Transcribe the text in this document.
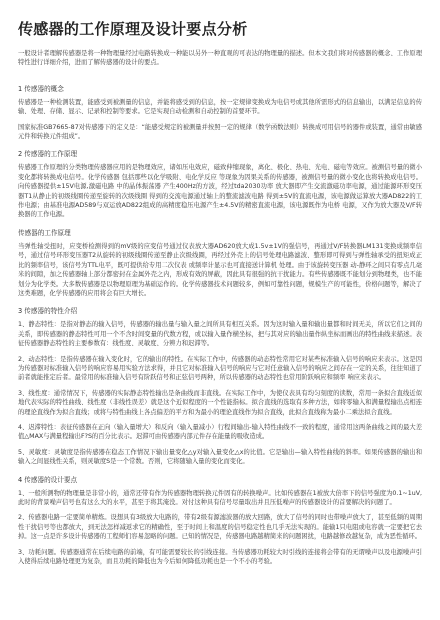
传感器的工作原理及设计要点分析

一般设计者理解传感器是将一种物理量经过电路转换成一种能以另外一种直观的可表达的物理量的描述。但本文我们将对传感器的概念、工作原理特性进行详细介绍，进而了解传感器的设计的要点。

1 传感器的概念

传感器是一种检测装置，能感受到被测量的信息，并能将感受到的信息，按一定规律变换成为电信号或其他所需形式的信息输出，以满足信息的传输、处理、存储、显示、记录和控制等要求。它是实现自动检测和自动控制的首要环节。

国家标准GB7665-87对传感器下的定义是：“能感受规定的被测量并按照一定的规律（数学函数法则）转换成可用信号的器件或装置，通常由敏感元件和转换元件组成”。

2 传感器的工作原理

传感器工作原理的分类物理传感器应用的是物理效应，诸如压电效应，磁致伸缩现象，离化、极化、热电、光电、磁电等效应。被测信号量的微小变化都将转换成电信号。化学传感器 包括那些以化学吸附、电化学反应 等现象为因果关系的传感器，被测信号量的微小变化也将转换成电信号。向传感器提供±15V电源,激磁电路 中的晶体振荡器 产生400Hz的方波，经过tda2030功率 放大器即产生交流激磁功率电源，通过能源环形变压器T1从静止的初级线圈传递至旋转的次级线圈 得到的交流电源通过轴上的整流滤波电路 得到±5V的直流电源，该电源做运算放大器AD822的工作电源；由基准电源AD589与双运放AD822组成的高精度稳压电源产生±4.5V的精密直流电源，该电源既作为电桥 电源，又作为放大器及V/F转换器的工作电源。

传感器的工作原理

当弹性轴受扭时，应变桥检测得到的mV级的应变信号通过仪表放大器AD620放大成1.5v±1V的强信号，再通过V/F转换器LM131变换成频率信号，通过信号环形变压器T2从旋转的初级线圈传递至静止次级线圈，再经过外壳上的信号处理电路滤波、整形即可得到与弹性轴承受的扭矩成正比的频率信号，该信号为TTL电平，既可提供给专用二次仪表 或频率计显示也可直接送计算机 处理。由于该旋转变压器 动-静环之间只有零点几毫米的间隙，加之传感器轴上部分都密封在金属外壳之内，形成有效的屏蔽，因此具有很强的抗干扰能力。有些传感器既不能划分到物理类，也不能划分为化学类。大多数传感器是以物理原理为基础运作的。化学传感器技术问题较多，例如可靠性问题，规模生产的可能性，价格问题等，解决了这类难题，化学传感器的应用将会有巨大增长。

3 传感器的特性介绍

1、静态特性：是指对静态的输入信号，传感器的输出量与输入量之间所具有相互关系。因为这时输入量和输出量都和时间无关，所以它们之间的关系，即传感器的静态特性可用一个不含时间变量的代数方程，或以输入量作横坐标，把与其对应的输出量作纵坐标而画出的特性曲线来描述。表征传感器静态特性的主要参数有：线性度、灵敏度、分辨力和迟滞等。

2、动态特性：是指传感器在输入变化时，它的输出的特性。在实际工作中，传感器的动态特性常用它对某些标准输入信号的响应来表示。这是因为传感器对标准输入信号的响应容易用实验方法求得，并且它对标准输入信号的响应与它对任意输入信号的响应之间存在一定的关系，往往知道了前者就能推定后者。最常用的标准输入信号有阶跃信号和正弦信号两种，所以传感器的动态特性也常用阶跃响应和频率 响应来表示。

3、线性度：通常情况下，传感器的实际静态特性输出是条曲线而非直线。在实际工作中，为使仪表具有均匀刻度的读数，常用一条拟合直线近似地代表实际的特性曲线、线性度（非线性误差）就是这个近似程度的一个性能指标。拟合直线的选取有多种方法，如将零输入和满量程输出点相连的理论直线作为拟合直线；或将与特性曲线上各点偏差的平方和为最小的理论直线作为拟合直线，此拟合直线称为最小二乘法拟合直线。

4、迟滞特性：表征传感器在正向（输入量增大）和反向（输入量减小）行程间输出-输入特性曲线不一致的程度，通常用这两条曲线之间的最大差值△MAX与满量程输出F?S的百分比表示。迟滞可由传感器内部元件存在能量的吸收造成。

5、灵敏度：灵敏度是指传感器在稳态工作情况下输出量变化△y对输入量变化△x的比值。它是输出—输入特性曲线的斜率。如果传感器的输出和输入之间显线性关系，则灵敏度S是一个常数。否则，它将随输入量的变化而变化。

4 传感器的设计要点

1、一般所测物的物理量是非常小的，通常还带有作为传感器物理转换元件固有的转换噪声。比如传感器在1被放大倍率下的信号强度为0.1~1uV,此时的背景噪声信号也有这么大的水平，甚至于将其淹没。对付这种具有信号尽量取出并且压低噪声的传感器设计的首要解决的问题了。

2、传感器电路一定要简单精炼。设想具有3级放大电路的，带有2级有源滤波器的放大回路，放大了信号的同时也带噪声放大了，甚至低频的周期性干扰信号等也都放大，到无法怎样减返求它的精确性，至于时间上和温度的信号稳定性也几乎无法实现的。能输1只电阻或电容就一定要把它去掉。这一点是许多设计传感器的工程师们容易忽略的问题。已知的情况是，传感器电路越精简来的问题困扰，电路越修改越复杂，成为恶性循环。

3、功耗问题。传感器通常在后续电路的前端，有可能需要较长的引线连接。当传感器功耗较大时引线的连接将会带有的无谓噪声以及电源噪声引入使得后续电路处理更为复杂，而且功耗的降低也为今后如何降低功耗也是一个不小的考验。
